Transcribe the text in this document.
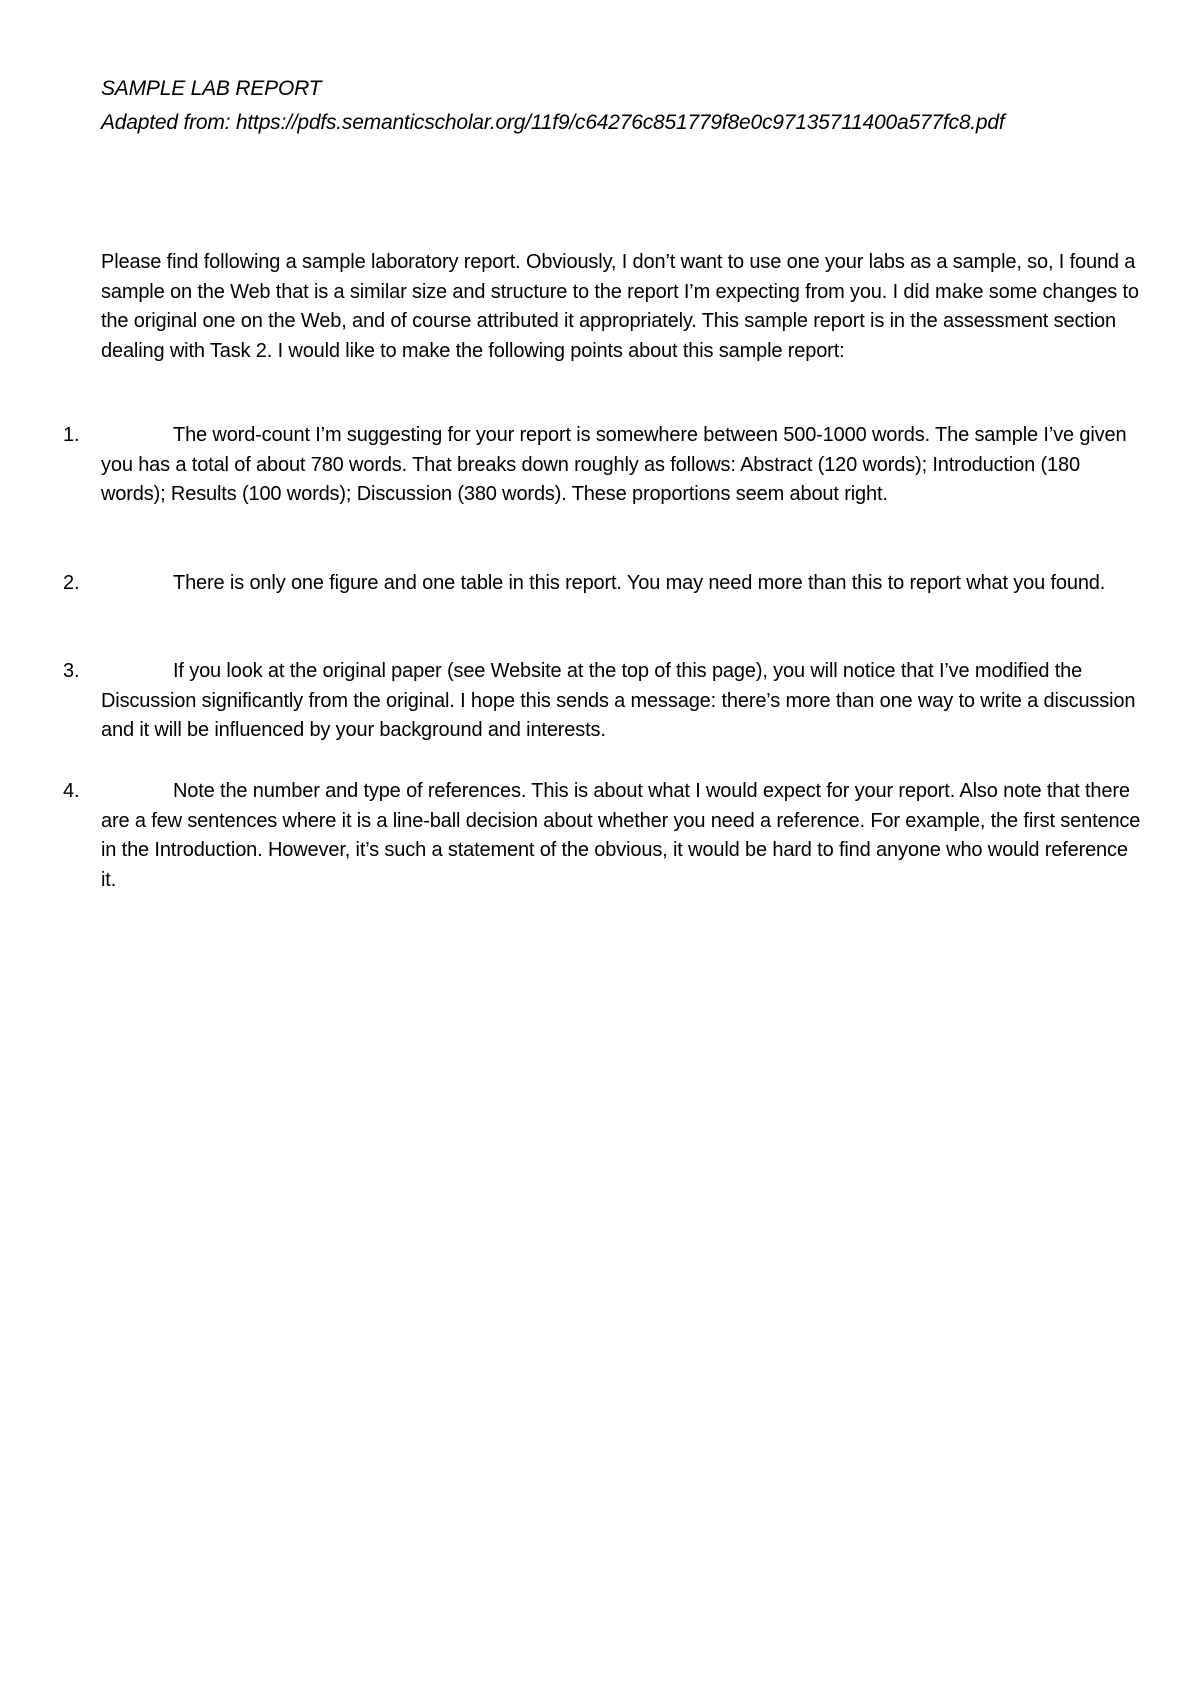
SAMPLE LAB REPORT
Adapted from: https://pdfs.semanticscholar.org/11f9/c64276c851779f8e0c97135711400a577fc8.pdf

Please find following a sample laboratory report. Obviously, I don’t want to use one your labs as a sample, so, I found a sample on the Web that is a similar size and structure to the report I’m expecting from you. I did make some changes to the original one on the Web, and of course attributed it appropriately. This sample report is in the assessment section dealing with Task 2. I would like to make the following points about this sample report:

1.	The word-count I’m suggesting for your report is somewhere between 500-1000 words. The sample I’ve given you has a total of about 780 words. That breaks down roughly as follows: Abstract (120 words); Introduction (180 words); Results (100 words); Discussion (380 words). These proportions seem about right.
2.	There is only one figure and one table in this report. You may need more than this to report what you found.
3.	If you look at the original paper (see Website at the top of this page), you will notice that I’ve modified the Discussion significantly from the original. I hope this sends a message: there’s more than one way to write a discussion and it will be influenced by your background and interests.
4.	Note the number and type of references. This is about what I would expect for your report. Also note that there are a few sentences where it is a line-ball decision about whether you need a reference. For example, the first sentence in the Introduction. However, it’s such a statement of the obvious, it would be hard to find anyone who would reference it.
